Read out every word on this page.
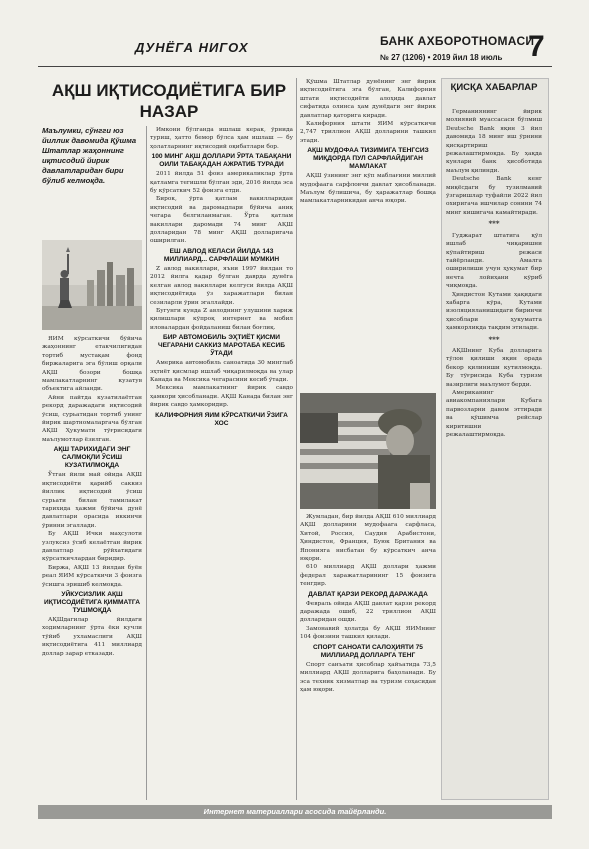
ДУНЁГА НИГОХ	БАНК АХБОРОТНОМАСИ
№ 27 (1206) • 2019 йил 18 июль 7
АҚШ ИҚТИСОДИЁТИГА БИР НАЗАР
Маълумки, сўнгги юз йиллик давомида Қўшма Штатлар жаҳоннинг иқтисодий йирик давлатларидан бири бўлиб келмоқда.

ЯИМ кўрсаткичи бўйича жаҳоннинг етакчилигидан тортиб мустақам фонд биржаларига эга бўлиш орқали АҚШ бозори бошқа мамлакатларнинг кузатув объектига айланди.

Айни пайтда кузатилаётган рекорд даражадаги иқтисодий ўсиш, сурьатидан тортиб унинг йирик шартномаларгача бўлган АҚШ Ҳукумати тўғрисидаги маълумотлар ёзилган.

АҚШ ТАРИХИДАГИ ЭНГ САЛМОҚЛИ ЎСИШ КУЗАТИЛМОҚДА

Ўтган йили май ойида АҚШ иқтисодиёти қарийб саккиз йиллик иқтисодий ўсиш сурьати билан тамилакат тарихида ҳажми бўйича дунё давлатлари орасида иккинчи ўринни эгаллади.

Бу АҚШ Ички маҳсулоти узлуксиз ўсиб келаётган йирик давлатлар рўйхатидаги кўрсаткичлардан биридир.

Биржа, АҚШ 13 йилдан буён реал ЯИМ кўрсаткичи 3 фоизга ўсишга эришиб келмоқда.

УЙКУСИЗЛИК АҚШ ИҚТИСОДИЁТИГА ҚИММАТГА ТУШМОҚДА

АҚШдагилар йилдаги ходимларнинг ўрта ёки кучли тўйиб ухламаслиги АҚШ иқтисодиётига 411 миллиард доллар зарар етказади.

Имкони бўлганда ишлаш керак, ўрнида туриш, ҳатто бемор бўлса ҳам ишлаш — бу ҳолатларнинг иқтисодий оқибатлари бор.

100 МИНГ АҚШ ДОЛЛАРИ ЎРТА ТАБАҚАНИ ОИЛИ ТАБАҚАДАН АЖРАТИБ ТУРАДИ

2011 йилда 51 фоиз америкаликлар ўрта қатламга тегишли бўлган эди, 2016 йилда эса бу кўрсаткич 52 фоизга етди.

Бирок, ўрта қатлам вакилларидан иқтисодий ва даромадлари бўйича аниқ чегара белгиланмаган. Ўрта қатлам вакиллари даромади 74 минг АҚШ долларидан 78 минг АҚШ долларигача оширилган.

ЕШ АВЛОД КЕЛАСИ ЙИЛДА 143 МИЛЛИАРД... САРФЛАШИ МУМКИН

Z авлод вакиллари, яъни 1997 йилдан то 2012 йилга қадар бўлган даврда дунёга келган авлод вакиллари келгуси йилда АҚШ иқтисодиётида ўз харажатлари билан сезиларли ўрин эгаллайди.

Бугунги кунда Z авлоднинг улушини хариж қилишлари кўпроқ интернет ва мобил иловалардан фойдаланиш билан боғлиқ.

БИР АВТОМОБИЛЬ ЭҲТИЁТ ҚИСМИ ЧЕГАРАНИ САККИЗ МАРОТАБА КЕСИБ ЎТАДИ

Америка автомобиль саноатида 30 минглаб эҳтиёт қисмлар ишлаб чиқарилмоқда ва улар Канада ва Мексика чегарасини кесиб ўтади.

Мексика мамлакатнинг йирик савдо ҳамкори ҳисобланади. АҚШ Канада билан энг йирик савдо ҳамкоридир.

КАЛИФОРНИЯ ЯИМ КЎРСАТКИЧИ ЎЗИГА ХОС

Қўшма Штатлар дунёнинг энг йирик иқтисодиётига эга бўлган, Калифорния штати иқтисодиёти алоҳида давлат сифатида олинса ҳам дунёдаги энг йирик давлатлар қаторига киради.

Калифорния штати ЯИМ кўрсаткичи 2,747 триллион АҚШ долларини ташкил этади.

АҚШ МУДОФАА ТИЗИМИГА ТЕНГСИЗ МИҚДОРДА ПУЛ САРФЛАЙДИГАН МАМЛАКАТ

АҚШ ўзининг энг кўп маблағини миллий мудофаага сарфловчи давлат ҳисобланади. Маълум бўлишича, бу ҳаражатлар бошқа мамлакатларникидан анча юқори.

Жумладан, бир йилда АҚШ 610 миллиард АҚШ долларини мудофаага сарфласа, Хитой, Россия, Саудия Арабистони, Ҳиндистон, Франция, Буюк Британия ва Японияга нисбатан бу кўрсаткич анча юқори.

610 миллиард АҚШ доллари ҳажми федерал харажатларининг 15 фоизига тенгдир.

ДАВЛАТ ҚАРЗИ РЕКОРД ДАРАЖАДА

Февраль ойида АҚШ давлат қарзи рекорд даражада ошиб, 22 триллион АҚШ долларидан ошди.

Замонавий ҳолатда бу АҚШ ЯИМнинг 104 фоизини ташкил қилади.

СПОРТ САНОАТИ САЛОҲИЯТИ 75 МИЛЛИАРД ДОЛЛАРГА ТЕНГ

Спорт санъати ҳисоблар ҳайъатида 73,5 миллиард АҚШ долларига баҳоланади. Бу эса техник хизматлар ва туризм соҳасидан ҳам юқори.

ҚИСҚА ХАБАРЛАР

Германиянинг йирик молиявий муассасаси бўлмиш Deutsche Bank яқин 3 йил давомида 18 минг иш ўрнини қисқартириш режалаштирмоқда. Бу ҳақда кунлари банк ҳисоботида маълум қилинди.

Deutsche Bank кенг миқёсдаги бу тузилмавий ўзгаришлар туфайли 2022 йил охиригача ишчилар сонини 74 минг кишигача камайтиради.

***

Гуджарат штатига қўл ишлаб чиқаришни кўпайтириш режаси тайёрланди. Амалга оширилиши учун ҳукумат бир нечта лойиҳани кўриб чиқмоқда.

Ҳиндистон Кутами ҳақидаги хабарга кўра, Кутами изоляцияланишидаги биринчи ҳисоблари ҳукуматга ҳамкорликда тақдим этилади.

***

АҚШнинг Куба долларига тўлов қилиши яқин орада бекор қилиниши кутилмоқда. Бу тўғрисида Куба туризм вазирлиги маълумот берди.

Американинг авиакомпаниялари Кубага парвозларни давом эттиради ва қўшимча рейслар киритишни режалаштирмоқда.

Интернет материаллари асосида тайёрланди.
